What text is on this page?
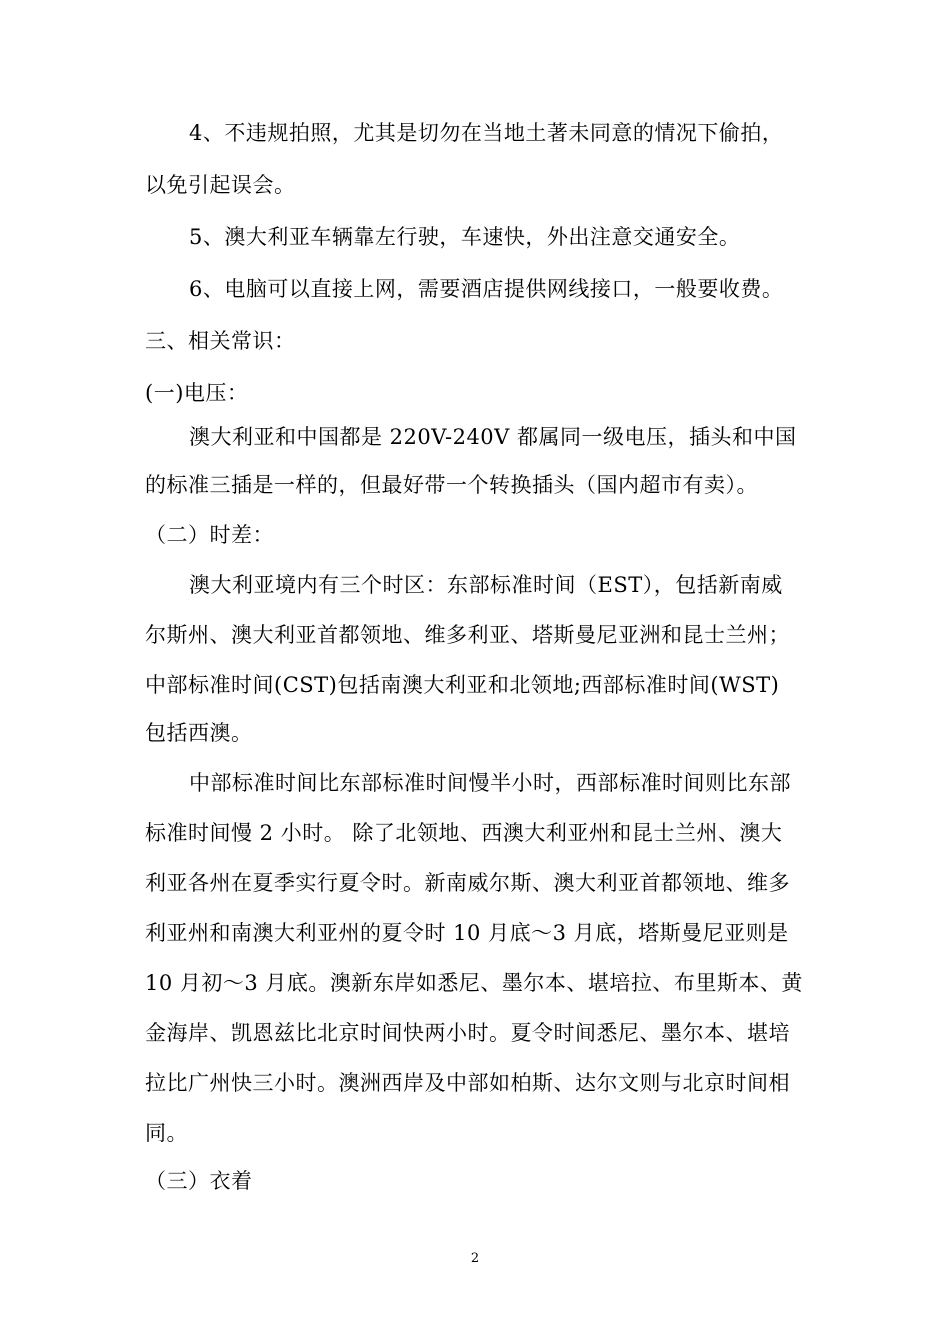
4、不违规拍照，尤其是切勿在当地土著未同意的情况下偷拍，
以免引起误会。
5、澳大利亚车辆靠左行驶，车速快，外出注意交通安全。
6、电脑可以直接上网，需要酒店提供网线接口，一般要收费。
三、相关常识：
(一)电压：
澳大利亚和中国都是 220V-240V 都属同一级电压，插头和中国
的标准三插是一样的，但最好带一个转换插头（国内超市有卖）。
（二）时差：
澳大利亚境内有三个时区：东部标准时间（EST），包括新南威
尔斯州、澳大利亚首都领地、维多利亚、塔斯曼尼亚洲和昆士兰州；
中部标准时间(CST)包括南澳大利亚和北领地;西部标准时间(WST)
包括西澳。
中部标准时间比东部标准时间慢半小时，西部标准时间则比东部
标准时间慢 2 小时。 除了北领地、西澳大利亚州和昆士兰州、澳大
利亚各州在夏季实行夏令时。新南威尔斯、澳大利亚首都领地、维多
利亚州和南澳大利亚州的夏令时 10 月底～3 月底，塔斯曼尼亚则是
10 月初～3 月底。澳新东岸如悉尼、墨尔本、堪培拉、布里斯本、黄
金海岸、凯恩兹比北京时间快两小时。夏令时间悉尼、墨尔本、堪培
拉比广州快三小时。澳洲西岸及中部如柏斯、达尔文则与北京时间相
同。
（三）衣着
2
